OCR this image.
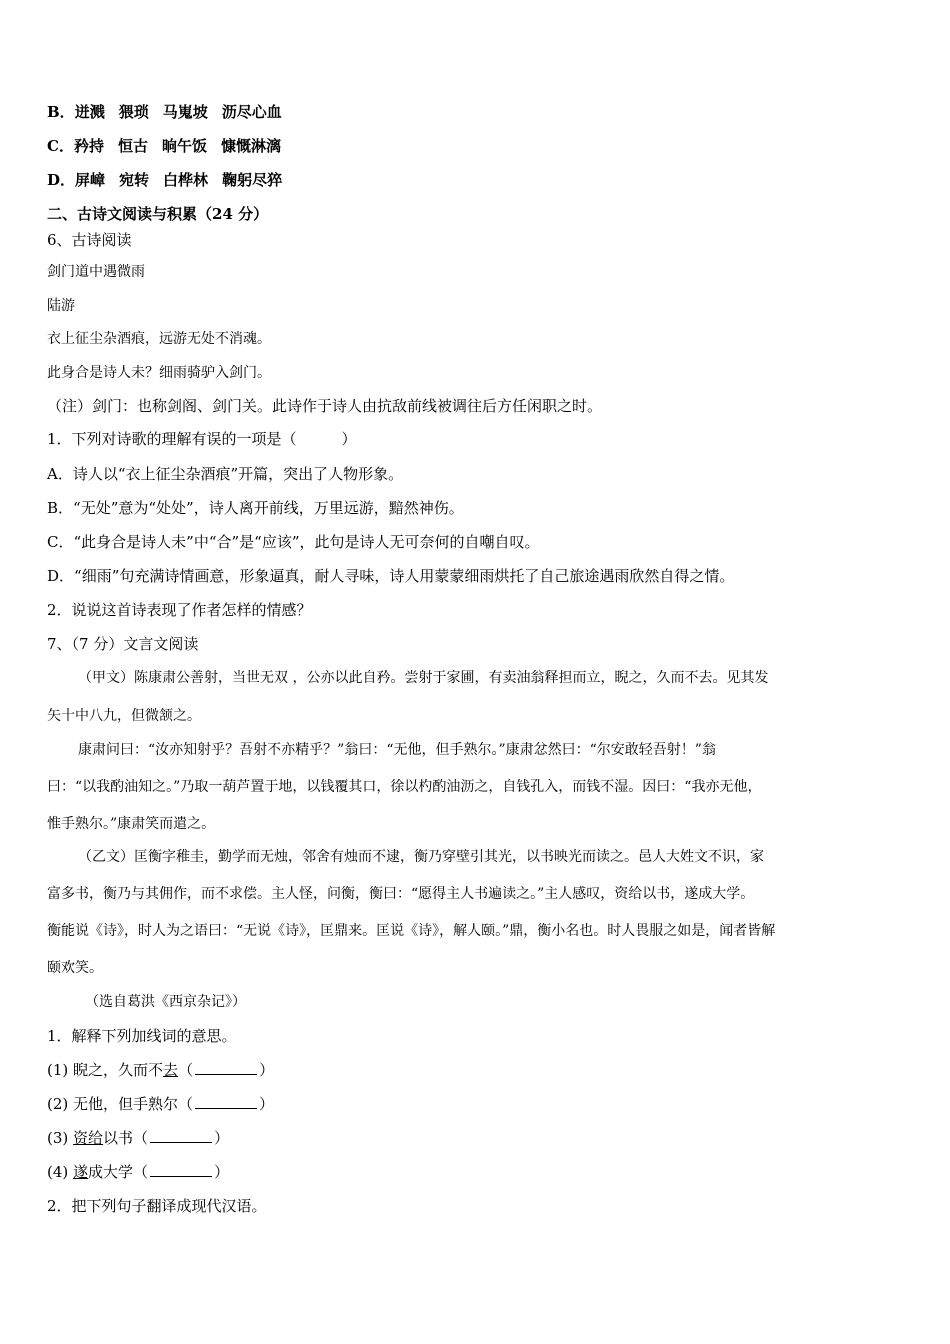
B．迸溅 猥琐 马嵬坡 沥尽心血
C．矜持 恒古 晌午饭 慷慨淋漓
D．屏嶂 宛转 白桦林 鞠躬尽猝
二、古诗文阅读与积累（24 分）
6、古诗阅读
剑门道中遇微雨
陆游
衣上征尘杂酒痕，远游无处不消魂。
此身合是诗人未？细雨骑驴入剑门。
（注）剑门：也称剑阁、剑门关。此诗作于诗人由抗敌前线被调往后方任闲职之时。
1．下列对诗歌的理解有误的一项是（　　　）
A．诗人以“衣上征尘杂酒痕”开篇，突出了人物形象。
B．“无处”意为“处处”，诗人离开前线，万里远游，黯然神伤。
C．“此身合是诗人未”中“合”是“应该”，此句是诗人无可奈何的自嘲自叹。
D．“细雨”句充满诗情画意，形象逼真，耐人寻味，诗人用蒙蒙细雨烘托了自己旅途遇雨欣然自得之情。
2．说说这首诗表现了作者怎样的情感？
7、（7 分）文言文阅读
（甲文）陈康肃公善射，当世无双 ，公亦以此自矜。尝射于家圃，有卖油翁释担而立，睨之，久而不去。见其发
矢十中八九，但微颔之。
康肃问曰：“汝亦知射乎？吾射不亦精乎？”翁曰：“无他，但手熟尔。”康肃忿然曰：“尔安敢轻吾射！”翁
曰：“以我酌油知之。”乃取一葫芦置于地，以钱覆其口，徐以杓酌油沥之，自钱孔入，而钱不湿。因曰：“我亦无他，
惟手熟尔。”康肃笑而遣之。
（乙文）匡衡字稚圭，勤学而无烛，邻舍有烛而不逮，衡乃穿壁引其光，以书映光而读之。邑人大姓文不识，家
富多书，衡乃与其佣作，而不求偿。主人怪，问衡，衡曰：“愿得主人书遍读之。”主人感叹，资给以书，遂成大学。
衡能说《诗》，时人为之语曰：“无说《诗》，匡鼎来。匡说《诗》，解人颐。”鼎，衡小名也。时人畏服之如是，闻者皆解
颐欢笑。
（选自葛洪《西京杂记》）
1．解释下列加线词的意思。
(1) 睨之，久而不去（	）
(2) 无他，但手熟尔（	）
(3) 资给以书（	）
(4) 遂成大学（	）
2．把下列句子翻译成现代汉语。
